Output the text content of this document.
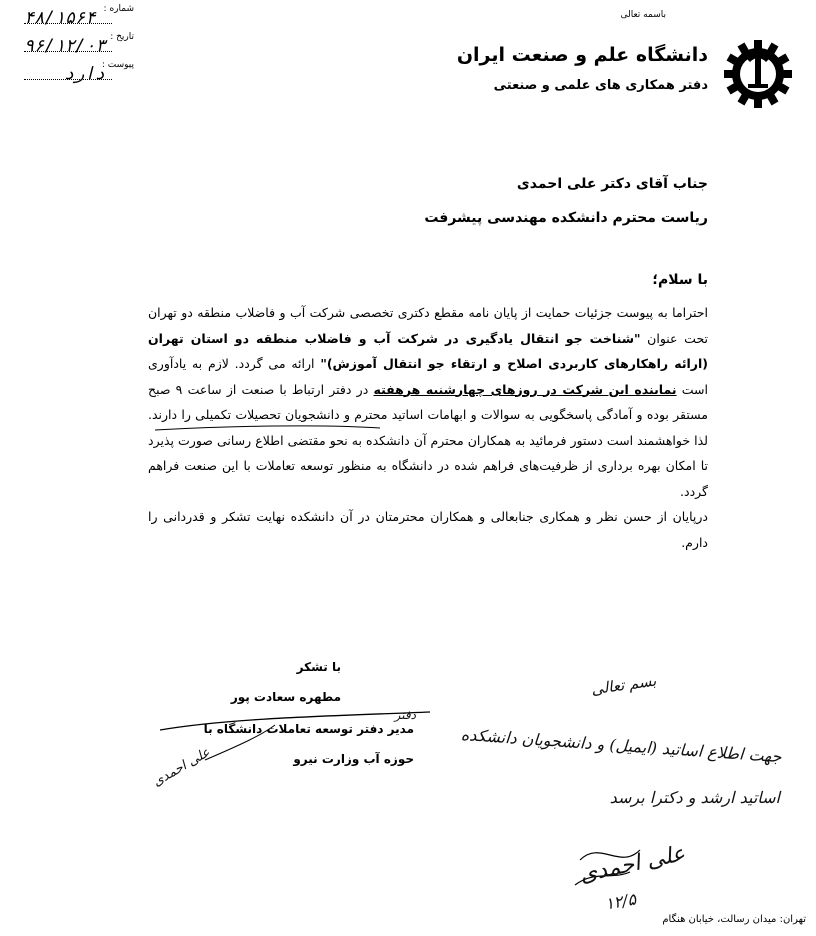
شماره :
۴۸/۱۵۶۴
تاریخ :
۹۶/۱۲/۰۳
پیوست :
دارد
باسمه تعالی
دانشگاه علم و صنعت ایران
دفتر همکاری های علمی و صنعتی
جناب آقای دکتر علی احمدی
ریاست محترم دانشکده مهندسی پیشرفت
با سلام؛

احتراما به پیوست جزئیات حمایت از پایان نامه مقطع دکتری تخصصی شرکت آب و فاضلاب منطقه دو تهران تحت عنوان "شناخت جو انتقال یادگیری در شرکت آب و فاضلاب منطقه دو استان تهران (ارائه راهکارهای کاربردی اصلاح و ارتقاء جو انتقال آموزش)" ارائه می گردد. لازم به یادآوری است نماینده این شرکت در روزهای چهارشنبه هرهفته در دفتر ارتباط با صنعت از ساعت ۹ صبح مستقر بوده و آمادگی پاسخگویی به سوالات و ابهامات اساتید محترم و دانشجویان تحصیلات تکمیلی را دارند. لذا خواهشمند است دستور فرمائید به همکاران محترم آن دانشکده به نحو مقتضی اطلاع رسانی صورت پذیرد تا امکان بهره برداری از ظرفیت‌های فراهم شده در دانشگاه به منظور توسعه تعاملات با این صنعت فراهم گردد.

درپایان از حسن نظر و همکاری جنابعالی و همکاران محترمتان در آن دانشکده نهایت تشکر و قدردانی را دارم.

با تشکر
مطهره سعادت پور
مدیر دفتر توسعه تعاملات دانشگاه با
حوزه آب وزارت نیرو
بسم تعالی
دفتر
جهت اطلاع اساتید (ایمیل) و دانشجویان دانشکده
اساتید ارشد و دکترا برسد
علی احمدی
۱۲/۵
علی احمدی
تهران: میدان رسالت، خیابان هنگام
